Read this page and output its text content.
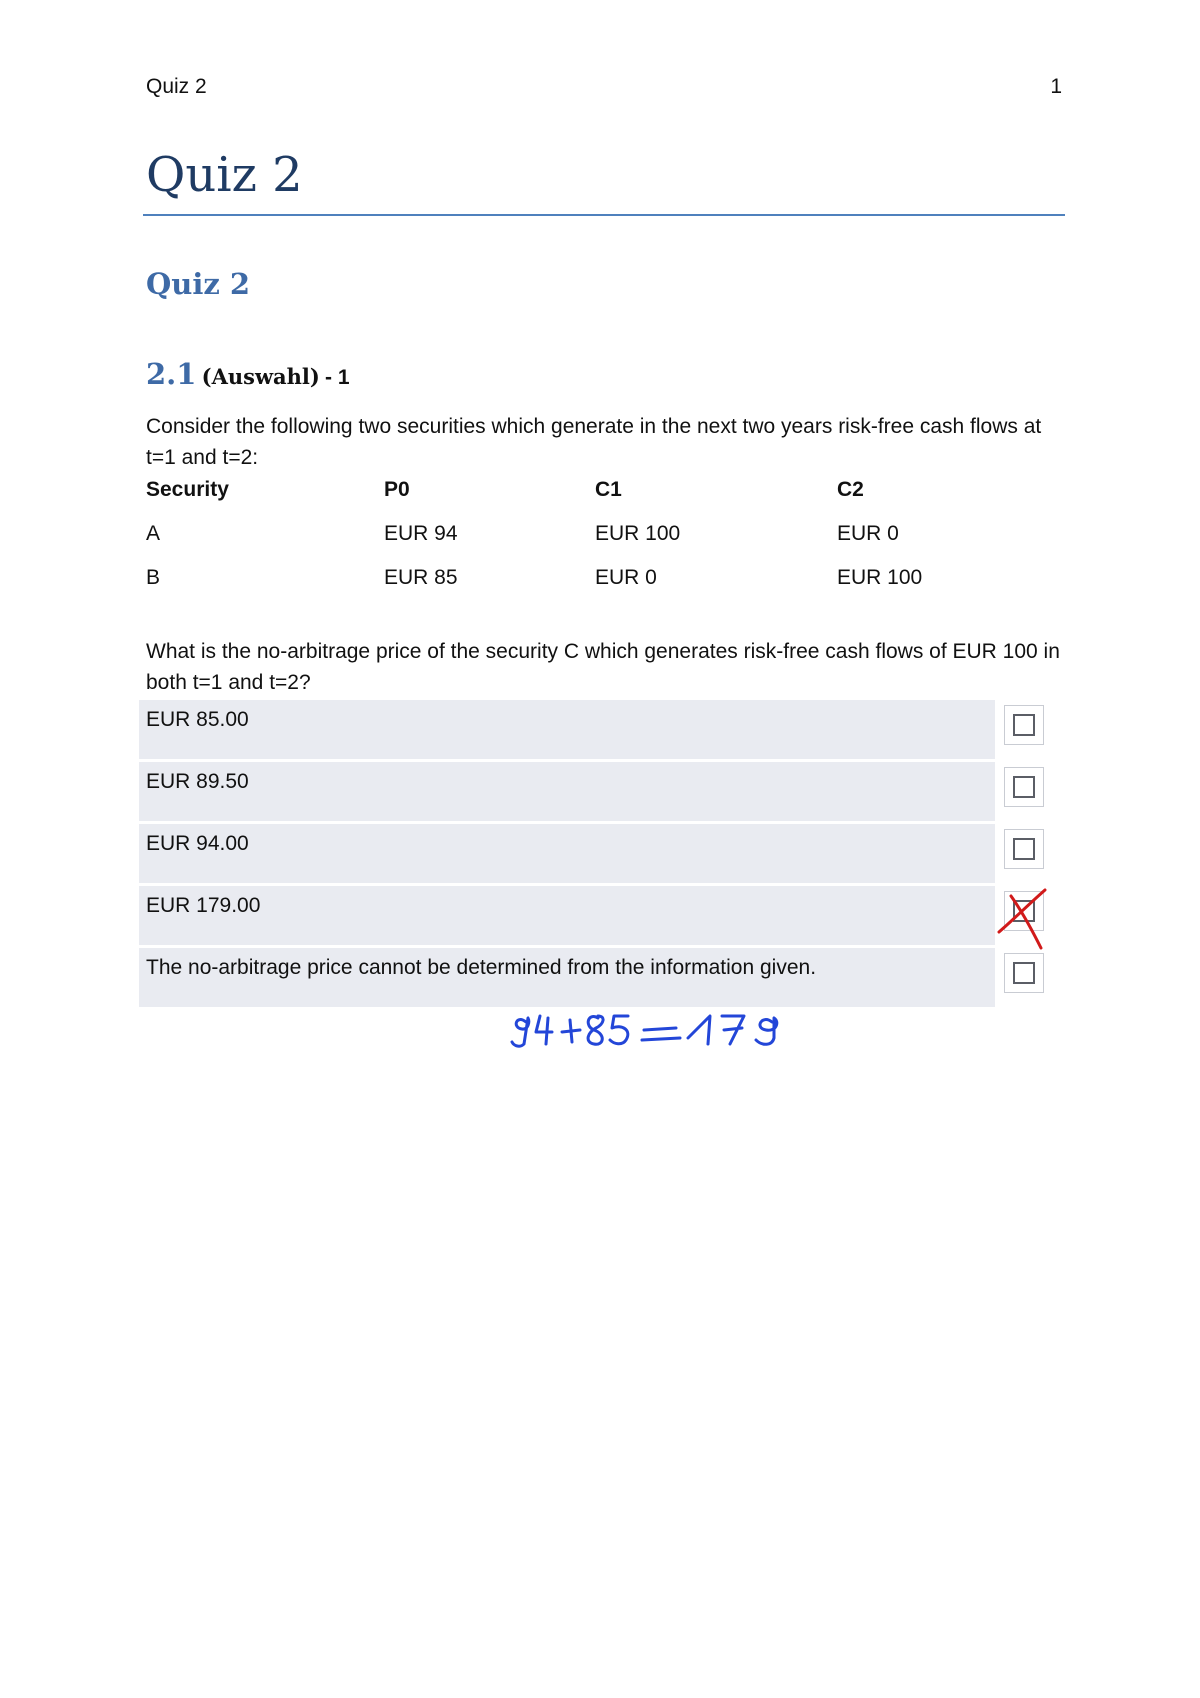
Quiz 2	1
Quiz 2
Quiz 2
2.1 (Auswahl) - 1

Consider the following two securities which generate in the next two years risk-free cash flows at t=1 and t=2:

Security	P0	C1	C2
A	EUR 94	EUR 100	EUR 0
B	EUR 85	EUR 0	EUR 100

What is the no-arbitrage price of the security C which generates risk-free cash flows of EUR 100 in both t=1 and t=2?

EUR 85.00
EUR 89.50
EUR 94.00
EUR 179.00
The no-arbitrage price cannot be determined from the information given.
